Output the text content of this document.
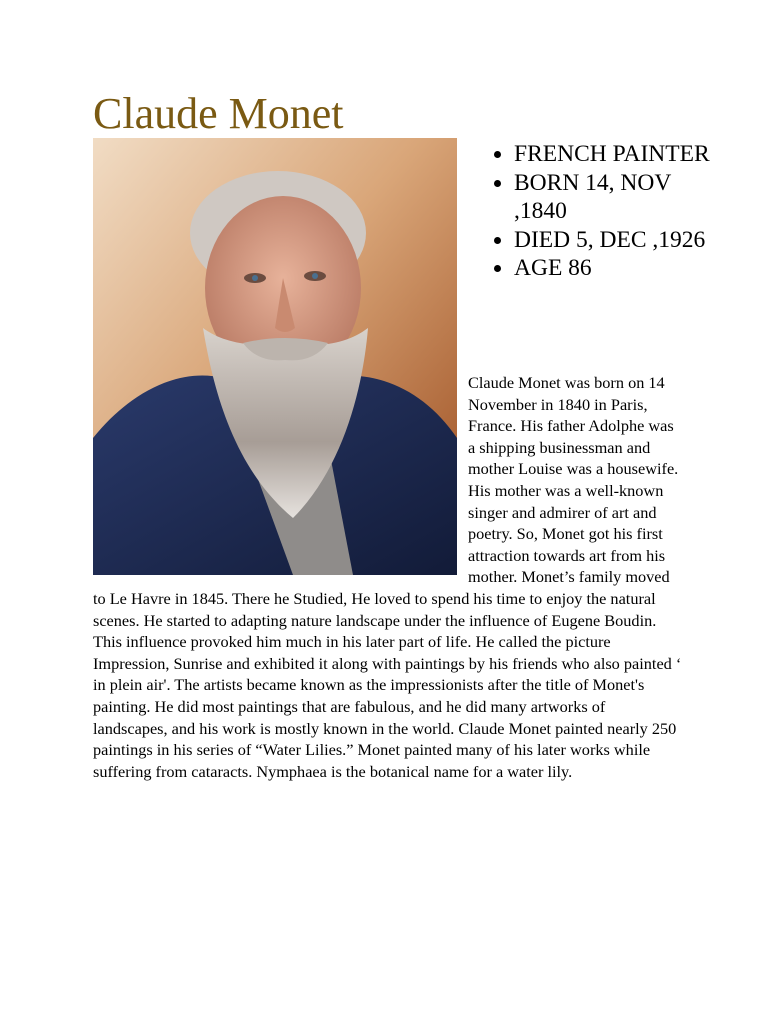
Claude Monet
• FRENCH PAINTER
• BORN 14, NOV ,1840
• DIED 5, DEC ,1926
• AGE 86

Claude Monet was born on 14 November in 1840 in Paris, France. His father Adolphe was a shipping businessman and mother Louise was a housewife. His mother was a well-known singer and admirer of art and poetry. So, Monet got his first attraction towards art from his mother. Monet’s family moved to Le Havre in 1845. There he Studied, He loved to spend his time to enjoy the natural scenes. He started to adapting nature landscape under the influence of Eugene Boudin. This influence provoked him much in his later part of life. He called the picture Impression, Sunrise and exhibited it along with paintings by his friends who also painted ‘ in plein air'. The artists became known as the impressionists after the title of Monet's painting. He did most paintings that are fabulous, and he did many artworks of landscapes, and his work is mostly known in the world. Claude Monet painted nearly 250 paintings in his series of “Water Lilies.” Monet painted many of his later works while suffering from cataracts. Nymphaea is the botanical name for a water lily.
